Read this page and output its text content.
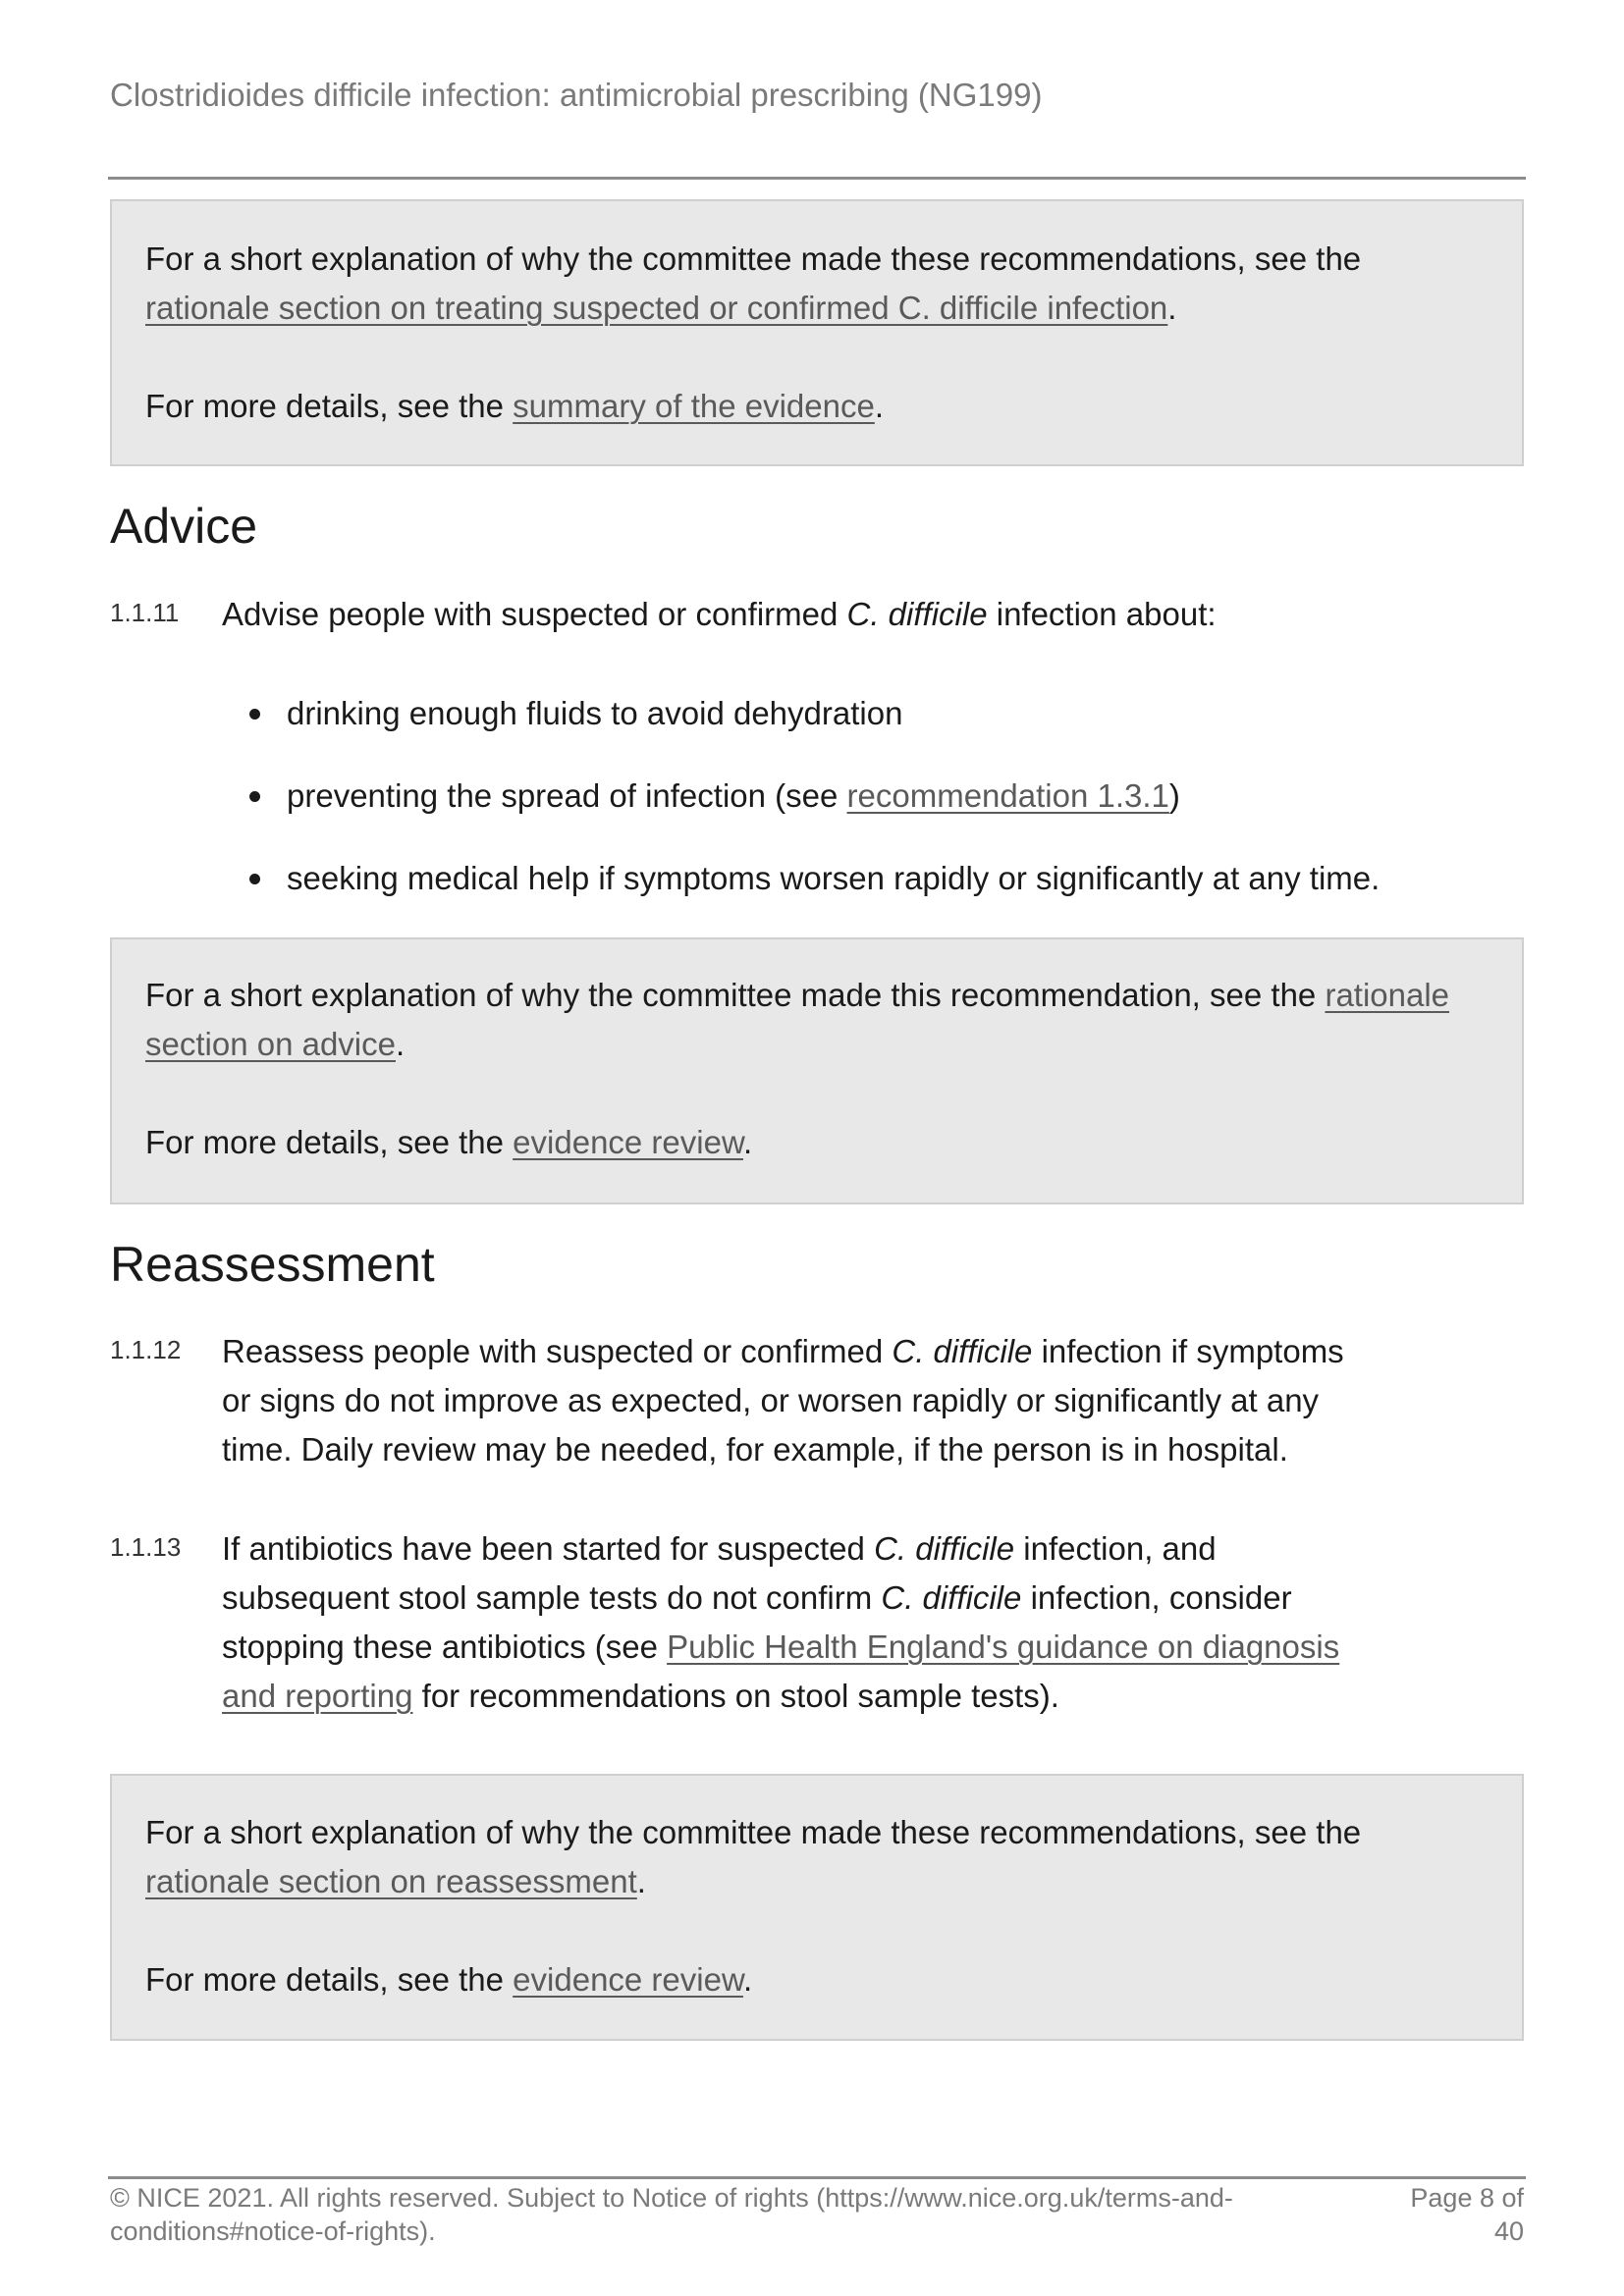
Clostridioides difficile infection: antimicrobial prescribing (NG199)

For a short explanation of why the committee made these recommendations, see the rationale section on treating suspected or confirmed C. difficile infection.

For more details, see the summary of the evidence.

Advice
1.1.11 Advise people with suspected or confirmed C. difficile infection about:
drinking enough fluids to avoid dehydration
preventing the spread of infection (see recommendation 1.3.1)
seeking medical help if symptoms worsen rapidly or significantly at any time.

For a short explanation of why the committee made this recommendation, see the rationale section on advice.

For more details, see the evidence review.

Reassessment
1.1.12 Reassess people with suspected or confirmed C. difficile infection if symptoms or signs do not improve as expected, or worsen rapidly or significantly at any time. Daily review may be needed, for example, if the person is in hospital.
1.1.13 If antibiotics have been started for suspected C. difficile infection, and subsequent stool sample tests do not confirm C. difficile infection, consider stopping these antibiotics (see Public Health England's guidance on diagnosis and reporting for recommendations on stool sample tests).

For a short explanation of why the committee made these recommendations, see the rationale section on reassessment.

For more details, see the evidence review.

© NICE 2021. All rights reserved. Subject to Notice of rights (https://www.nice.org.uk/terms-and-conditions#notice-of-rights).
Page 8 of 40
